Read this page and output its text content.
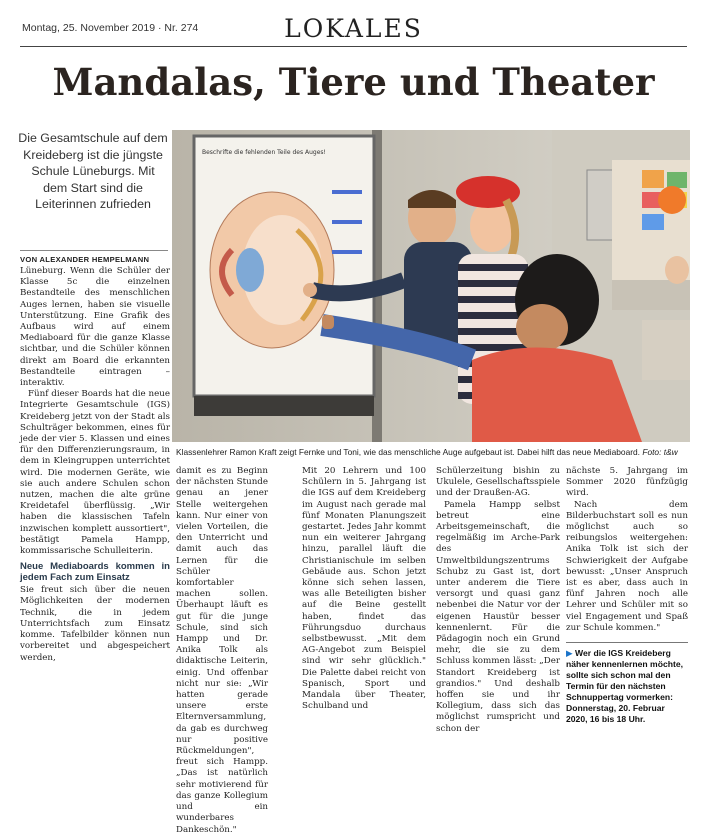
Montag, 25. November 2019 · Nr. 274	LOKALES
Mandalas, Tiere und Theater
Die Gesamtschule auf dem Kreideberg ist die jüngste Schule Lüneburgs. Mit dem Start sind die Leiterinnen zufrieden
VON ALEXANDER HEMPELMANN

Lüneburg. Wenn die Schüler der Klasse 5c die einzelnen Bestandteile des menschlichen Auges lernen, haben sie visuelle Unterstützung. Eine Grafik des Aufbaus wird auf einem Mediaboard für die ganze Klasse sichtbar, und die Schüler können direkt am Board die erkannten Bestandteile eintragen – interaktiv.

Fünf dieser Boards hat die neue Integrierte Gesamtschule (IGS) Kreideberg jetzt von der Stadt als Schulträger bekommen, eines für jede der vier 5. Klassen und eines für den Differenzierungsraum, in dem in Kleingruppen unterrichtet wird. Die modernen Geräte, wie sie auch andere Schulen schon nutzen, machen die alte grüne Kreidetafel überflüssig. „Wir haben die klassischen Tafeln inzwischen komplett aussortiert", bestätigt Pamela Hampp, kommissarische Schulleiterin.

Neue Mediaboards kommen in jedem Fach zum Einsatz

Sie freut sich über die neuen Möglichkeiten der modernen Technik, die in jedem Unterrichtsfach zum Einsatz komme. Tafelbilder können nun vorbereitet und abgespeichert werden,

Beschrifte die fehlenden Teile des Auges!
Klassenlehrer Ramon Kraft zeigt Fernke und Toni, wie das menschliche Auge aufgebaut ist. Dabei hilft das neue Mediaboard. Foto: t&w

damit es zu Beginn der nächsten Stunde genau an jener Stelle weitergehen kann. Nur einer von vielen Vorteilen, die den Unterricht und damit auch das Lernen für die Schüler komfortabler machen sollen. Überhaupt läuft es gut für die junge Schule, sind sich Hampp und Dr. Anika Tolk als didaktische Leiterin, einig. Und offenbar nicht nur sie: „Wir hatten gerade unsere erste Elternversammlung, da gab es durchweg nur positive Rückmeldungen", freut sich Hampp. „Das ist natürlich sehr motivierend für das ganze Kollegium und ein wunderbares Dankeschön."

Mit 20 Lehrern und 100 Schülern in 5. Jahrgang ist die IGS auf dem Kreideberg im August nach gerade mal fünf Monaten Planungszeit gestartet. Jedes Jahr kommt nun ein weiterer Jahrgang hinzu, parallel läuft die Christianischule im selben Gebäude aus. Schon jetzt könne sich sehen lassen, was alle Beteiligten bisher auf die Beine gestellt haben, findet das Führungsduo durchaus selbstbewusst. „Mit dem AG-Angebot zum Beispiel sind wir sehr glücklich." Die Palette dabei reicht von Spanisch, Sport und Mandala über Theater, Schulband und

Schülerzeitung bishin zu Ukulele, Gesellschaftsspiele und der Draußen-AG.

Pamela Hampp selbst betreut eine Arbeitsgemeinschaft, die regelmäßig im Arche-Park des Umweltbildungszentrums Schubz zu Gast ist, dort unter anderem die Tiere versorgt und quasi ganz nebenbei die Natur vor der eigenen Haustür besser kennenlernt. Für die Pädagogin noch ein Grund mehr, die sie zu dem Schluss kommen lässt: „Der Standort Kreideberg ist grandios." Und deshalb hoffen sie und ihr Kollegium, dass sich das möglichst rumspricht und schon der

nächste 5. Jahrgang im Sommer 2020 fünfzügig wird.

Nach dem Bilderbuchstart soll es nun möglichst auch so reibungslos weitergehen: Anika Tolk ist sich der Schwierigkeit der Aufgabe bewusst: „Unser Anspruch ist es aber, dass auch in fünf Jahren noch alle Lehrer und Schüler mit so viel Engagement und Spaß zur Schule kommen."

▶ Wer die IGS Kreideberg näher kennenlernen möchte, sollte sich schon mal den Termin für den nächsten Schnuppertag vormerken: Donnerstag, 20. Februar 2020, 16 bis 18 Uhr.
